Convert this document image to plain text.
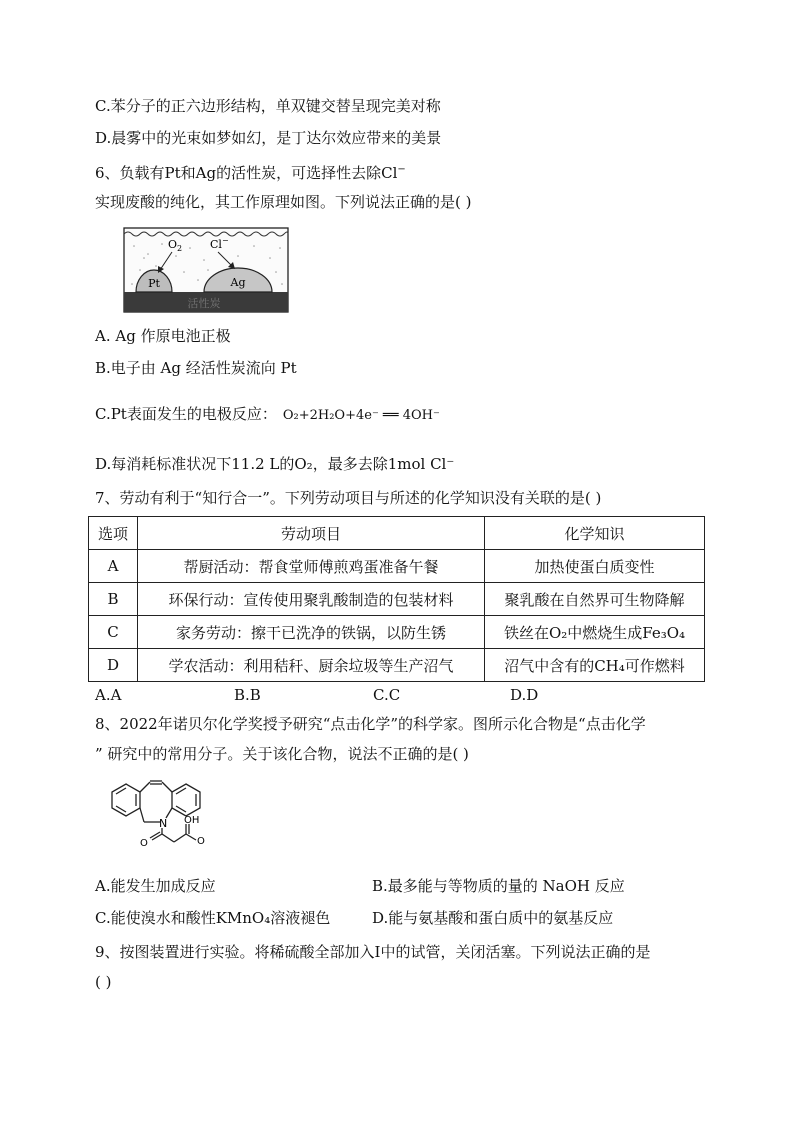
C.苯分子的正六边形结构，单双键交替呈现完美对称
D.晨雾中的光束如梦如幻，是丁达尔效应带来的美景
6、负载有Pt和Ag的活性炭，可选择性去除Cl−
实现废酸的纯化，其工作原理如图。下列说法正确的是( )
活性炭
Pt	Ag
$O_2$	Cl−
A. Ag 作原电池正极
B.电子由 Ag 经活性炭流向 Pt
C.Pt表面发生的电极反应： O₂+2H₂O+4e⁻ ══ 4OH⁻
D.每消耗标准状况下11.2 L的O₂，最多去除1mol Cl⁻
7、劳动有利于“知行合一”。下列劳动项目与所述的化学知识没有关联的是( )
选项	劳动项目	化学知识
A	帮厨活动：帮食堂师傅煎鸡蛋准备午餐	加热使蛋白质变性
B	环保行动：宣传使用聚乳酸制造的包装材料	聚乳酸在自然界可生物降解
C	家务劳动：擦干已洗净的铁锅，以防生锈	铁丝在O₂中燃烧生成Fe₃O₄
D	学农活动：利用秸秆、厨余垃圾等生产沼气	沼气中含有的CH₄可作燃料
A.A	B.B	C.C	D.D
8、2022年诺贝尔化学奖授予研究“点击化学”的科学家。图所示化合物是“点击化学
” 研究中的常用分子。关于该化合物，说法不正确的是( )
N
O	O
OH
A.能发生加成反应	B.最多能与等物质的量的 NaOH 反应
C.能使溴水和酸性KMnO₄溶液褪色	D.能与氨基酸和蛋白质中的氨基反应
9、按图装置进行实验。将稀硫酸全部加入Ⅰ中的试管，关闭活塞。下列说法正确的是
( )
